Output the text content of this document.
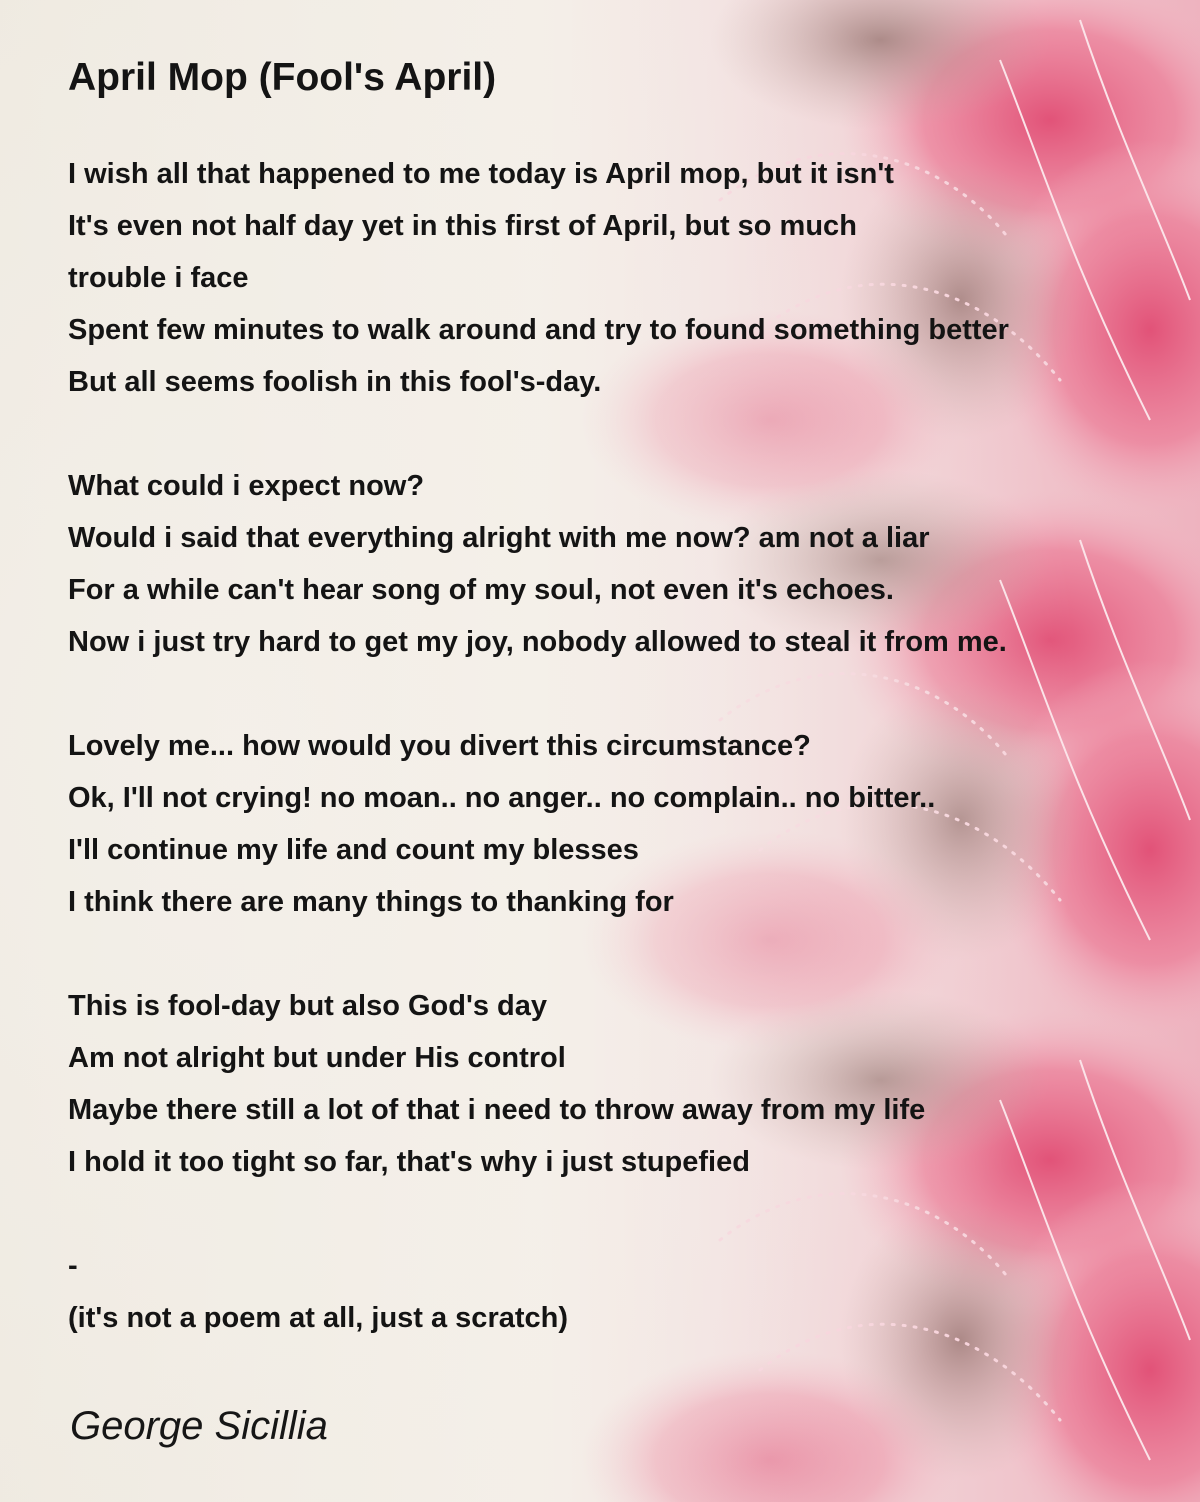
April Mop (Fool's April)
I wish all that happened to me today is April mop, but it isn't
It's even not half day yet in this first of April, but so much
trouble i face
Spent few minutes to walk around and try to found something better
But all seems foolish in this fool's-day.
What could i expect now?
Would i said that everything alright with me now? am not a liar
For a while can't hear song of my soul, not even it's echoes.
Now i just try hard to get my joy, nobody allowed to steal it from me.
Lovely me... how would you divert this circumstance?
Ok, I'll not crying! no moan.. no anger.. no complain.. no bitter..
I'll continue my life and count my blesses
I think there are many things to thanking for
This is fool-day but also God's day
Am not alright but under His control
Maybe there still a lot of that i need to throw away from my life
I hold it too tight so far, that's why i just stupefied
-
(it's not a poem at all, just a scratch)
George Sicillia
